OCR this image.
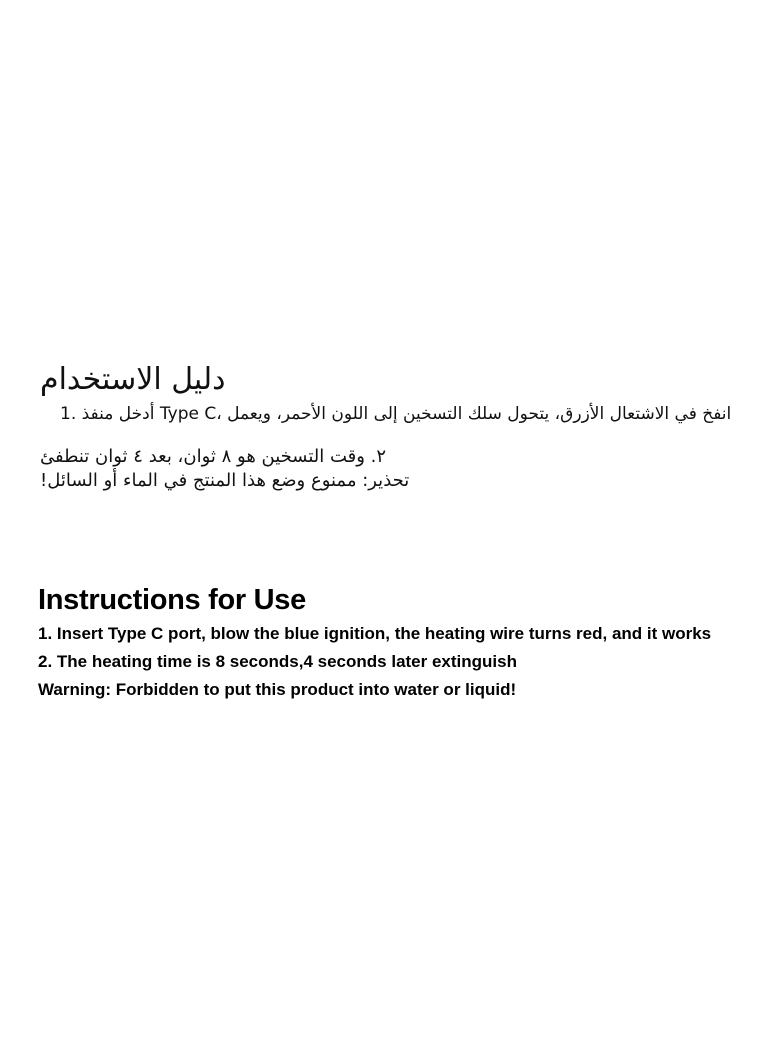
دليل الاستخدام
انفخ في الاشتعال الأزرق، يتحول سلك التسخين إلى اللون الأحمر، ويعمل ،Type C أدخل منفذ .1
٢. وقت التسخين هو ٨ ثوان، بعد ٤ ثوان تنطفئ
تحذير: ممنوع وضع هذا المنتج في الماء أو السائل!
Instructions for Use
1. Insert Type C port, blow the blue ignition, the heating wire turns red, and it works
2. The heating time is 8 seconds,4 seconds later extinguish
Warning: Forbidden to put this product into water or liquid!
